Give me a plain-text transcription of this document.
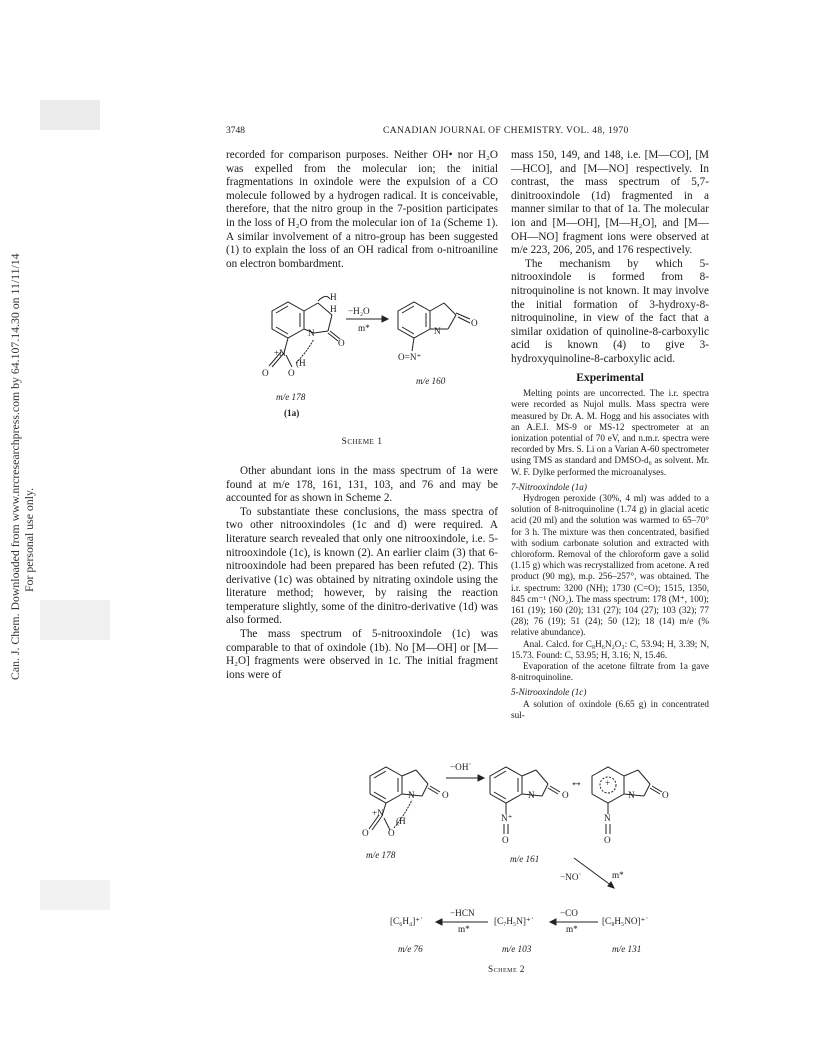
Can. J. Chem. Downloaded from www.nrcresearchpress.com by 64.107.14.30 on 11/11/14 For personal use only.
3748	CANADIAN JOURNAL OF CHEMISTRY. VOL. 48, 1970

recorded for comparison purposes. Neither OH• nor H₂O was expelled from the molecular ion; the initial fragmentations in oxindole were the expulsion of a CO molecule followed by a hydrogen radical. It is conceivable, therefore, that the nitro group in the 7-position participates in the loss of H₂O from the molecular ion of 1a (Scheme 1). A similar involvement of a nitro-group has been suggested (1) to explain the loss of an OH radical from o-nitroaniline on electron bombardment.

H
H
N
O
+N
(H
O O
−H₂O
m*	N
O
O=N⁺
m/e 178
(1a)
m/e 160
Scheme 1

Other abundant ions in the mass spectrum of 1a were found at m/e 178, 161, 131, 103, and 76 and may be accounted for as shown in Scheme 2.

To substantiate these conclusions, the mass spectra of two other nitrooxindoles (1c and d) were required. A literature search revealed that only one nitrooxindole, i.e. 5-nitrooxindole (1c), is known (2). An earlier claim (3) that 6-nitrooxindole had been prepared has been refuted (2). This derivative (1c) was obtained by nitrating oxindole using the literature method; however, by raising the reaction temperature slightly, some of the dinitro-derivative (1d) was also formed.

The mass spectrum of 5-nitrooxindole (1c) was comparable to that of oxindole (1b). No [M—OH] or [M—H₂O] fragments were observed in 1c. The initial fragment ions were of

mass 150, 149, and 148, i.e. [M—CO], [M—HCO], and [M—NO] respectively. In contrast, the mass spectrum of 5,7-dinitrooxindole (1d) fragmented in a manner similar to that of 1a. The molecular ion and [M—OH], [M—H₂O], and [M—OH—NO] fragment ions were observed at m/e 223, 206, 205, and 176 respectively.

The mechanism by which 5-nitrooxindole is formed from 8-nitroquinoline is not known. It may involve the initial formation of 3-hydroxy-8-nitroquinoline, in view of the fact that a similar oxidation of quinoline-8-carboxylic acid is known (4) to give 3-hydroxyquinoline-8-carboxylic acid.

Experimental

Melting points are uncorrected. The i.r. spectra were recorded as Nujol mulls. Mass spectra were measured by Dr. A. M. Hogg and his associates with an A.E.I. MS-9 or MS-12 spectrometer at an ionization potential of 70 eV, and n.m.r. spectra were recorded by Mrs. S. Li on a Varian A-60 spectrometer using TMS as standard and DMSO-d₆ as solvent. Mr. W. F. Dylke performed the microanalyses.

7-Nitrooxindole (1a)

Hydrogen peroxide (30%, 4 ml) was added to a solution of 8-nitroquinoline (1.74 g) in glacial acetic acid (20 ml) and the solution was warmed to 65–70° for 3 h. The mixture was then concentrated, basified with sodium carbonate solution and extracted with chloroform. Removal of the chloroform gave a solid (1.15 g) which was recrystallized from acetone. A red product (90 mg), m.p. 256–257°, was obtained. The i.r. spectrum: 3200 (NH); 1730 (C=O); 1515, 1350, 845 cm⁻¹ (NO₂). The mass spectrum: 178 (M⁺, 100); 161 (19); 160 (20); 131 (27); 104 (27); 103 (32); 77 (28); 76 (19); 51 (24); 50 (12); 18 (14) m/e (% relative abundance).

Anal. Calcd. for C₈H₆N₂O₃: C, 53.94; H, 3.39; N, 15.73. Found: C, 53.95; H, 3.16; N, 15.46.

Evaporation of the acetone filtrate from 1a gave 8-nitroquinoline.

5-Nitrooxindole (1c)

A solution of oxindole (6.65 g) in concentrated sul-

N	O
+N
(H
O O
−OH˙
N	O
N⁺
O
↔ +
N	O
N
O
m/e 178	m/e 161
−NO˙	m*
[C₆H₄]⁺˙
−HCN
m*
[C₇H₅N]⁺˙
−CO
m*
[C₈H₅NO]⁺˙
m/e 76	m/e 103	m/e 131
Scheme 2
